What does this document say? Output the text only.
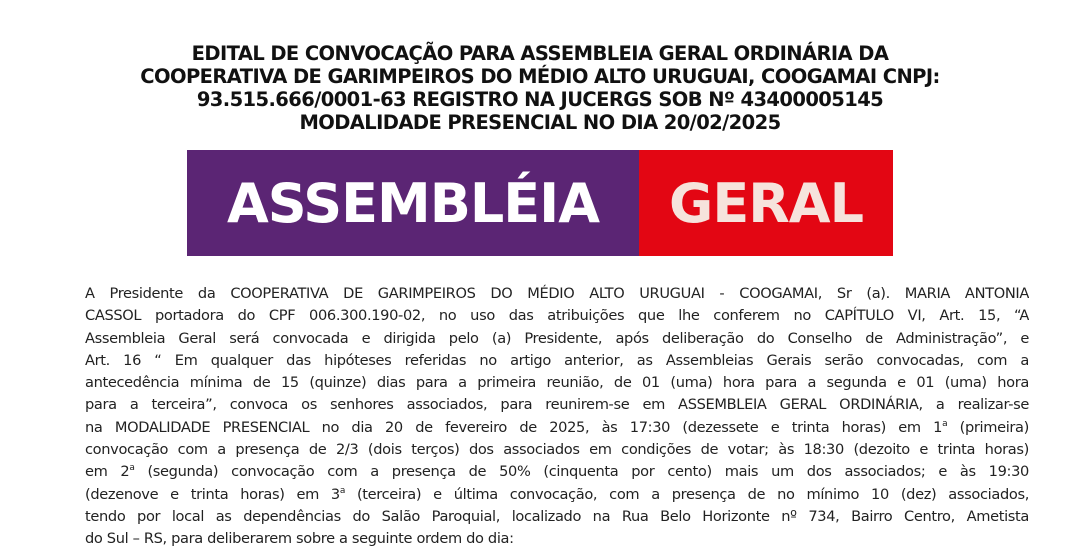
EDITAL DE CONVOCAÇÃO PARA ASSEMBLEIA GERAL ORDINÁRIA DA
COOPERATIVA DE GARIMPEIROS DO MÉDIO ALTO URUGUAI, COOGAMAI CNPJ:
93.515.666/0001-63 REGISTRO NA JUCERGS SOB Nº 43400005145
MODALIDADE PRESENCIAL NO DIA 20/02/2025
ASSEMBLÉIA GERAL
A Presidente da COOPERATIVA DE GARIMPEIROS DO MÉDIO ALTO URUGUAI - COOGAMAI, Sr (a). MARIA ANTONIA
CASSOL portadora do CPF 006.300.190-02, no uso das atribuições que lhe conferem no CAPÍTULO VI, Art. 15, “A
Assembleia Geral será convocada e dirigida pelo (a) Presidente, após deliberação do Conselho de Administração”, e
Art. 16 “ Em qualquer das hipóteses referidas no artigo anterior, as Assembleias Gerais serão convocadas, com a
antecedência mínima de 15 (quinze) dias para a primeira reunião, de 01 (uma) hora para a segunda e 01 (uma) hora
para a terceira”, convoca os senhores associados, para reunirem-se em ASSEMBLEIA GERAL ORDINÁRIA, a realizar-se
na MODALIDADE PRESENCIAL no dia 20 de fevereiro de 2025, às 17:30 (dezessete e trinta horas) em 1$^a$ (primeira)
convocação com a presença de 2/3 (dois terços) dos associados em condições de votar; às 18:30 (dezoito e trinta horas)
em 2$^a$ (segunda) convocação com a presença de 50% (cinquenta por cento) mais um dos associados; e às 19:30
(dezenove e trinta horas) em 3$^a$ (terceira) e última convocação, com a presença de no mínimo 10 (dez) associados,
tendo por local as dependências do Salão Paroquial, localizado na Rua Belo Horizonte nº 734, Bairro Centro, Ametista
do Sul – RS, para deliberarem sobre a seguinte ordem do dia:
